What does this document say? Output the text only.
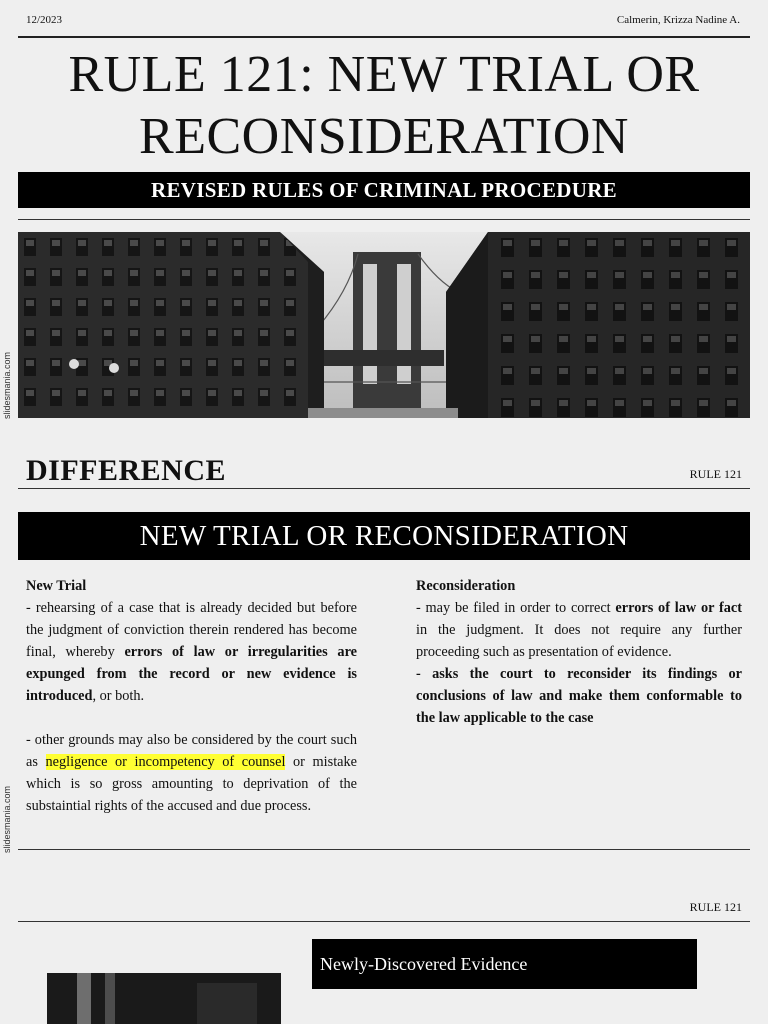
12/2023	Calmerin, Krizza Nadine A.
RULE 121: NEW TRIAL OR
RECONSIDERATION
REVISED RULES OF CRIMINAL PROCEDURE
DIFFERENCE	RULE 121
NEW TRIAL OR RECONSIDERATION
New Trial
- rehearsing of a case that is already decided but before the judgment of conviction therein rendered has become final, whereby errors of law or irregularities are expunged from the record or new evidence is introduced, or both.
- other grounds may also be considered by the court such as negligence or incompetency of counsel or mistake which is so gross amounting to deprivation of the substaintial rights of the accused and due process.
Reconsideration
- may be filed in order to correct errors of law or fact in the judgment. It does not require any further proceeding such as presentation of evidence.
- asks the court to reconsider its findings or conclusions of law and make them conformable to the law applicable to the case
slidesmania.com
slidesmania.com
RULE 121
Newly-Discovered Evidence
